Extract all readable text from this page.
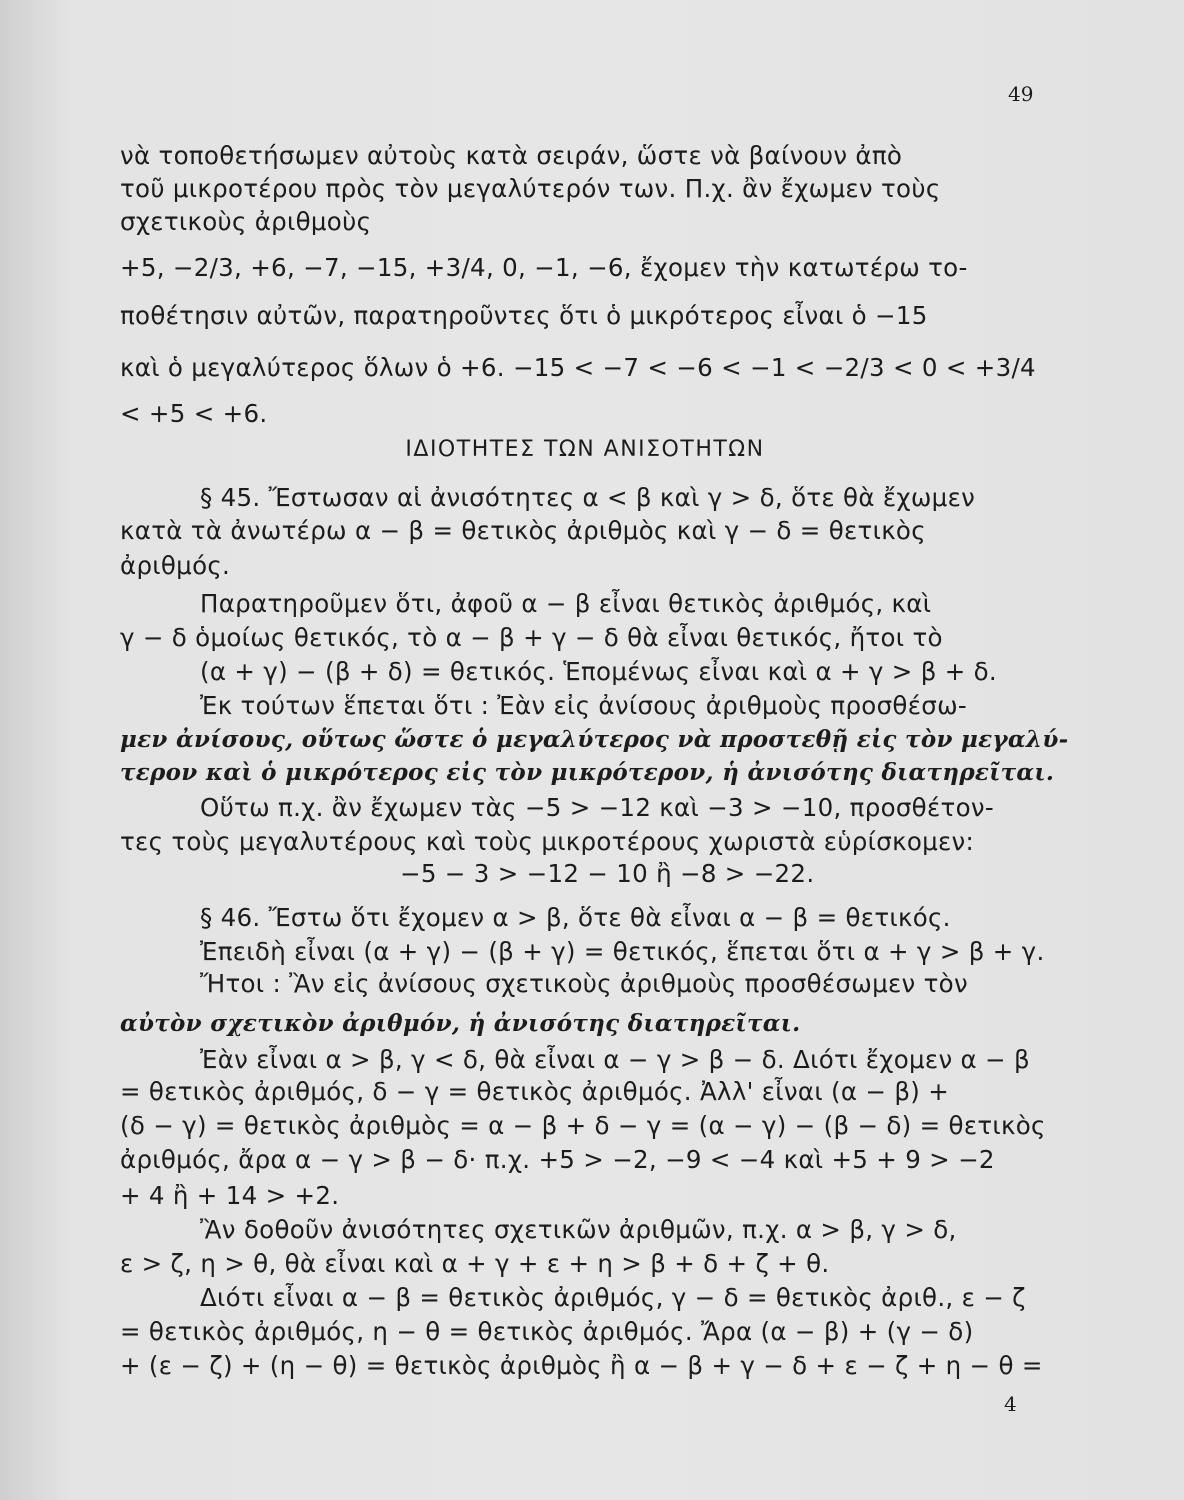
49
νὰ τοποθετήσωμεν αὐτοὺς κατὰ σειράν, ὥστε νὰ βαίνουν ἀπὸ
τοῦ μικροτέρου πρὸς τὸν μεγαλύτερόν των. Π.χ. ἂν ἔχωμεν τοὺς
σχετικοὺς ἀριθμοὺς
+5, −2/3, +6, −7, −15, +3/4, 0, −1, −6, ἔχομεν τὴν κατωτέρω το-
ποθέτησιν αὐτῶν, παρατηροῦντες ὅτι ὁ μικρότερος εἶναι ὁ −15
καὶ ὁ μεγαλύτερος ὅλων ὁ +6. −15 < −7 < −6 < −1 < −2/3 < 0 < +3/4
< +5 < +6.
ΙΔΙΟΤΗΤΕΣ ΤΩΝ ΑΝΙΣΟΤΗΤΩΝ
§ 45. Ἔστωσαν αἱ ἀνισότητες α < β καὶ γ > δ, ὅτε θὰ ἔχωμεν
κατὰ τὰ ἀνωτέρω α − β = θετικὸς ἀριθμὸς καὶ γ − δ = θετικὸς
ἀριθμός.
Παρατηροῦμεν ὅτι, ἀφοῦ α − β εἶναι θετικὸς ἀριθμός, καὶ
γ − δ ὁμοίως θετικός, τὸ α − β + γ − δ θὰ εἶναι θετικός, ἤτοι τὸ
(α + γ) − (β + δ) = θετικός. Ἑπομένως εἶναι καὶ α + γ > β + δ.
Ἐκ τούτων ἕπεται ὅτι : Ἐὰν εἰς ἀνίσους ἀριθμοὺς προσθέσω-
μεν ἀνίσους, οὕτως ὥστε ὁ μεγαλύτερος νὰ προστεθῇ εἰς τὸν μεγαλύ-
τερον καὶ ὁ μικρότερος εἰς τὸν μικρότερον, ἡ ἀνισότης διατηρεῖται.
Οὕτω π.χ. ἂν ἔχωμεν τὰς −5 > −12 καὶ −3 > −10, προσθέτον-
τες τοὺς μεγαλυτέρους καὶ τοὺς μικροτέρους χωριστὰ εὑρίσκομεν:
−5 − 3 > −12 − 10 ἢ −8 > −22.
§ 46. Ἔστω ὅτι ἔχομεν α > β, ὅτε θὰ εἶναι α − β = θετικός.
Ἐπειδὴ εἶναι (α + γ) − (β + γ) = θετικός, ἕπεται ὅτι α + γ > β + γ.
Ἤτοι : Ἂν εἰς ἀνίσους σχετικοὺς ἀριθμοὺς προσθέσωμεν τὸν
αὐτὸν σχετικὸν ἀριθμόν, ἡ ἀνισότης διατηρεῖται.
Ἐὰν εἶναι α > β, γ < δ, θὰ εἶναι α − γ > β − δ. Διότι ἔχομεν α − β
= θετικὸς ἀριθμός, δ − γ = θετικὸς ἀριθμός. Ἀλλ' εἶναι (α − β) +
(δ − γ) = θετικὸς ἀριθμὸς = α − β + δ − γ = (α − γ) − (β − δ) = θετικὸς
ἀριθμός, ἄρα α − γ > β − δ· π.χ. +5 > −2, −9 < −4 καὶ +5 + 9 > −2
+ 4 ἢ + 14 > +2.
Ἂν δοθοῦν ἀνισότητες σχετικῶν ἀριθμῶν, π.χ. α > β, γ > δ,
ε > ζ, η > θ, θὰ εἶναι καὶ α + γ + ε + η > β + δ + ζ + θ.
Διότι εἶναι α − β = θετικὸς ἀριθμός, γ − δ = θετικὸς ἀριθ., ε − ζ
= θετικὸς ἀριθμός, η − θ = θετικὸς ἀριθμός. Ἄρα (α − β) + (γ − δ)
+ (ε − ζ) + (η − θ) = θετικὸς ἀριθμὸς ἢ α − β + γ − δ + ε − ζ + η − θ =
4
